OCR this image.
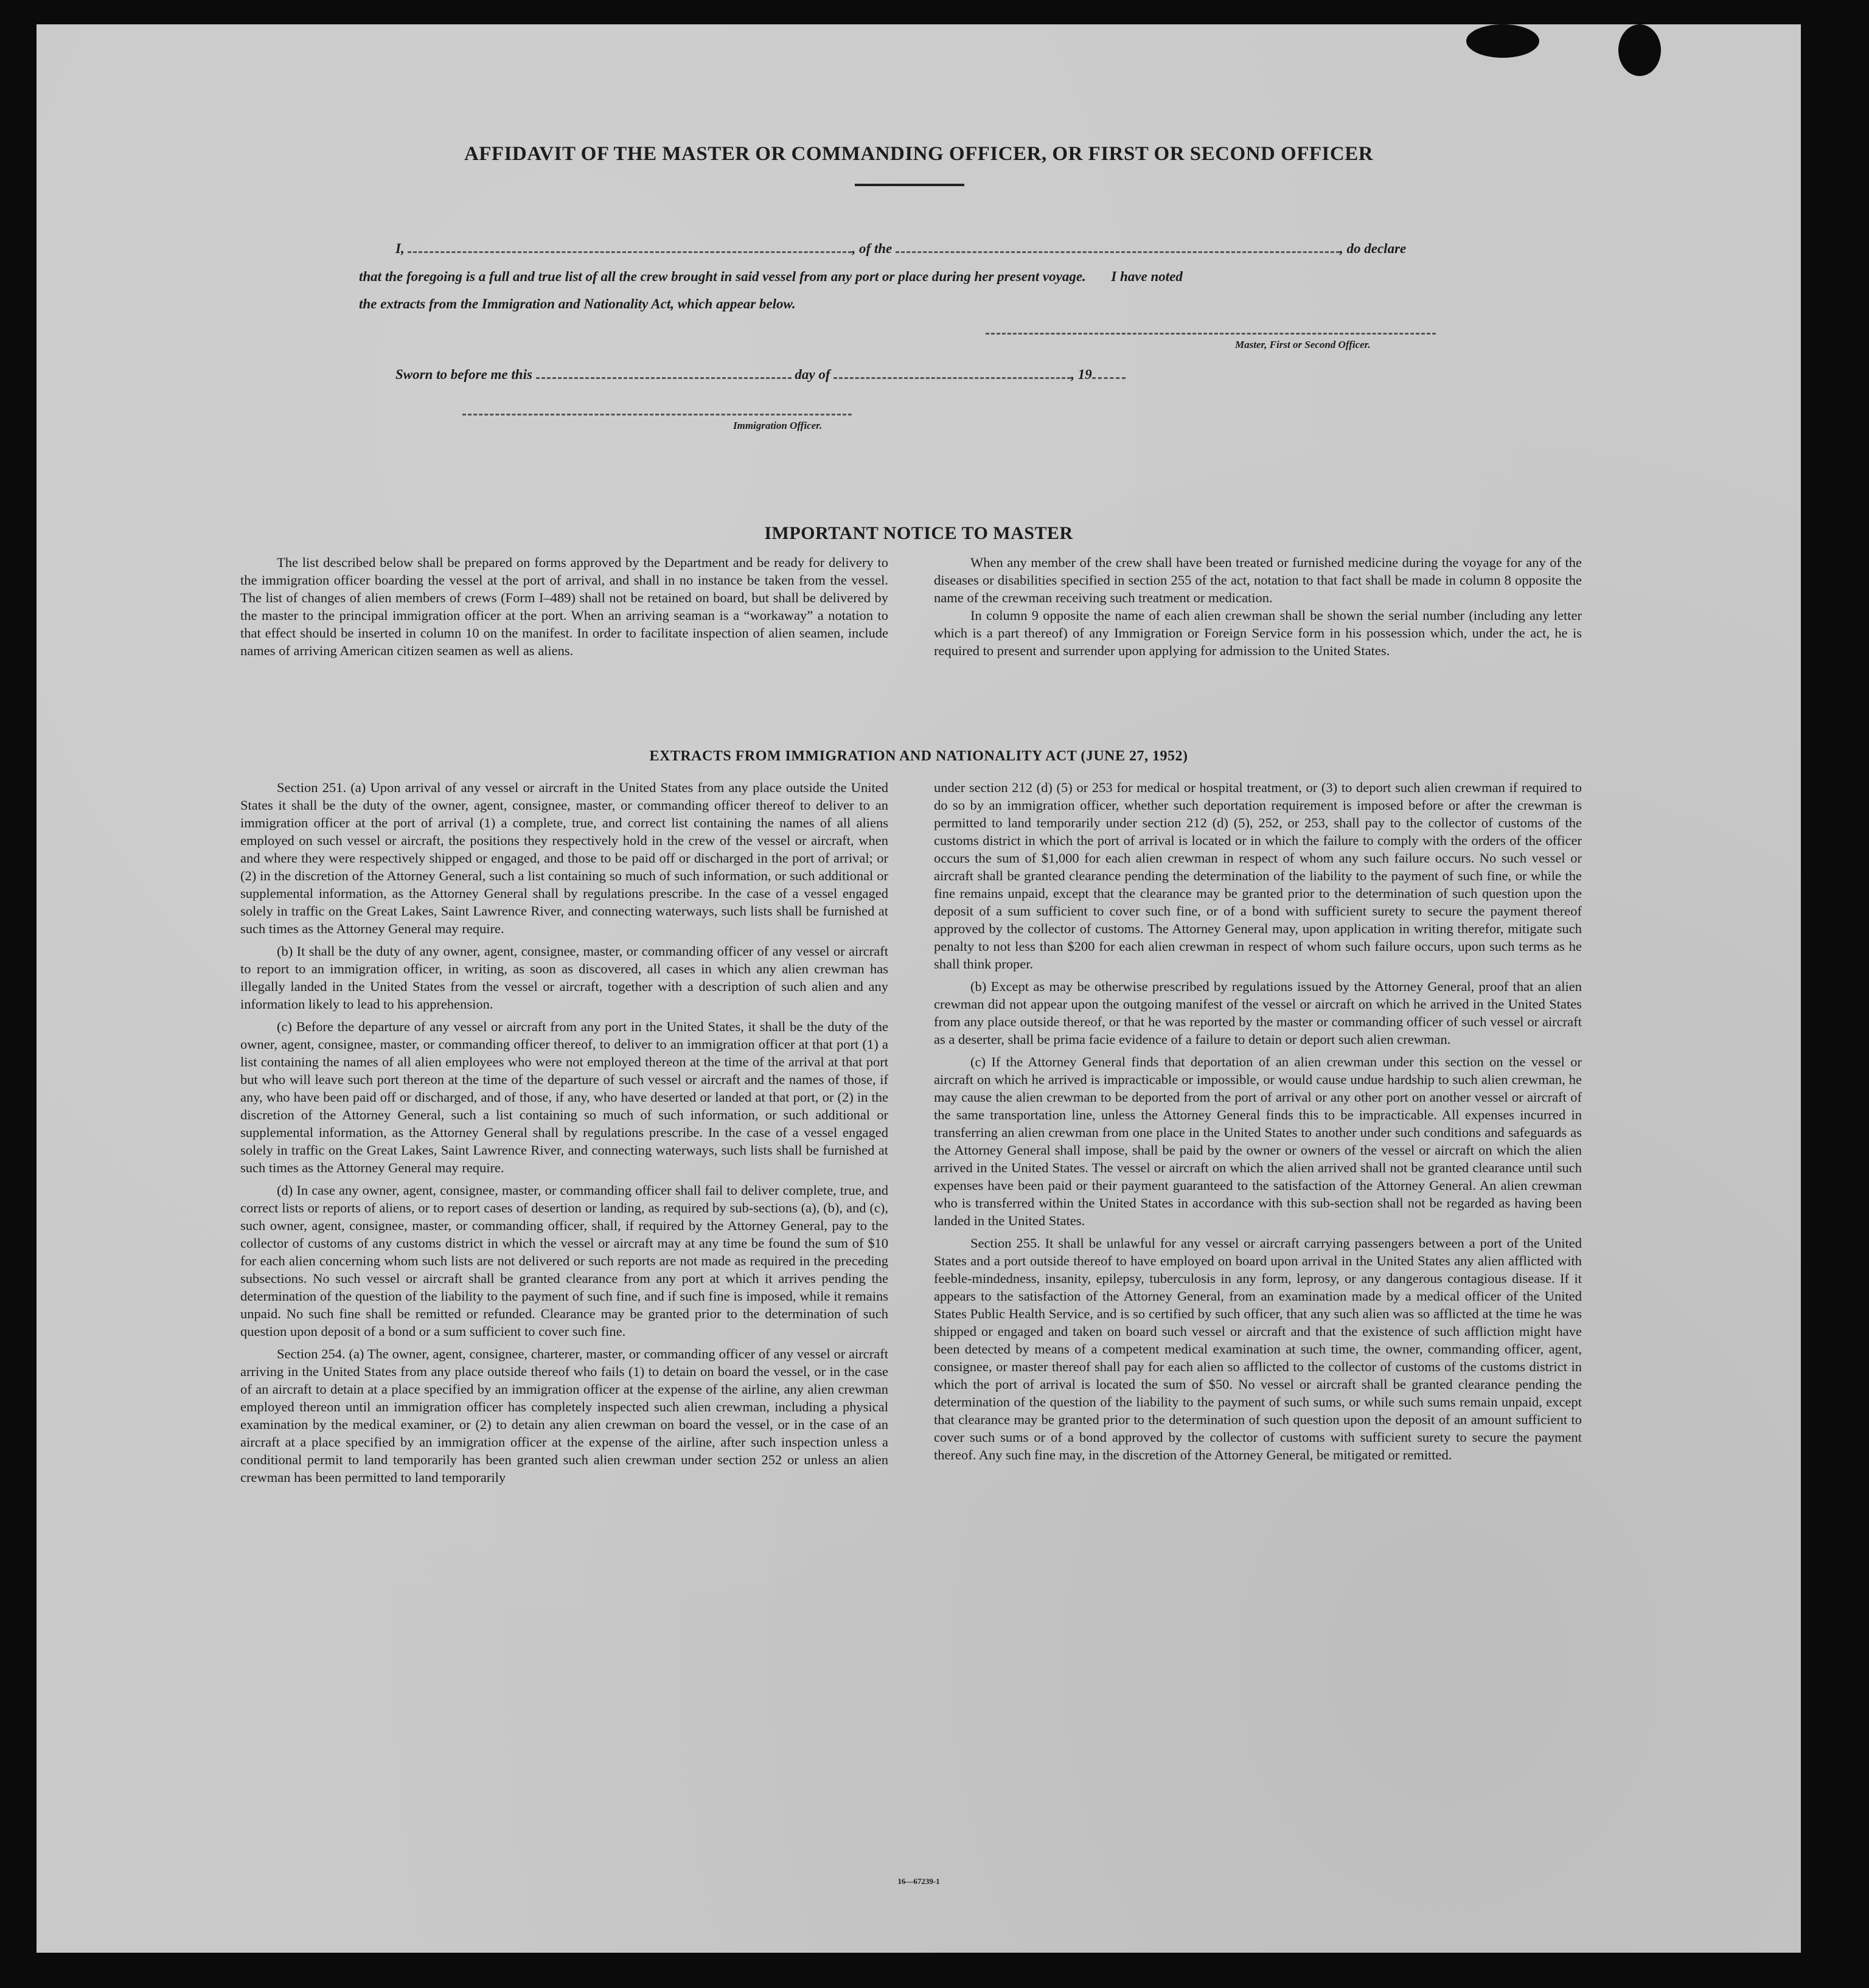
AFFIDAVIT OF THE MASTER OR COMMANDING OFFICER, OR FIRST OR SECOND OFFICER
I,	, of the	, do declare
that the foregoing is a full and true list of all the crew brought in said vessel from any port or place during her present voyage. I have noted
the extracts from the Immigration and Nationality Act, which appear below.
Master, First or Second Officer.
Sworn to before me this	day of	, 19
Immigration Officer.
IMPORTANT NOTICE TO MASTER

The list described below shall be prepared on forms approved by the Department and be ready for delivery to the immigration officer boarding the vessel at the port of arrival, and shall in no instance be taken from the vessel. The list of changes of alien members of crews (Form I–489) shall not be retained on board, but shall be delivered by the master to the principal immigration officer at the port. When an arriving seaman is a “workaway” a notation to that effect should be inserted in column 10 on the manifest. In order to facilitate inspection of alien seamen, include names of arriving American citizen seamen as well as aliens.

When any member of the crew shall have been treated or furnished medicine during the voyage for any of the diseases or disabilities specified in section 255 of the act, notation to that fact shall be made in column 8 opposite the name of the crewman receiving such treatment or medication.

In column 9 opposite the name of each alien crewman shall be shown the serial number (including any letter which is a part thereof) of any Immigration or Foreign Service form in his possession which, under the act, he is required to present and surrender upon applying for admission to the United States.

EXTRACTS FROM IMMIGRATION AND NATIONALITY ACT (JUNE 27, 1952)

Section 251. (a) Upon arrival of any vessel or aircraft in the United States from any place outside the United States it shall be the duty of the owner, agent, consignee, master, or commanding officer thereof to deliver to an immigration officer at the port of arrival (1) a complete, true, and correct list containing the names of all aliens employed on such vessel or aircraft, the positions they respectively hold in the crew of the vessel or aircraft, when and where they were respectively shipped or engaged, and those to be paid off or discharged in the port of arrival; or (2) in the discretion of the Attorney General, such a list containing so much of such information, or such additional or supplemental information, as the Attorney General shall by regulations prescribe. In the case of a vessel engaged solely in traffic on the Great Lakes, Saint Lawrence River, and connecting waterways, such lists shall be furnished at such times as the Attorney General may require.

(b) It shall be the duty of any owner, agent, consignee, master, or commanding officer of any vessel or aircraft to report to an immigration officer, in writing, as soon as discovered, all cases in which any alien crewman has illegally landed in the United States from the vessel or aircraft, together with a description of such alien and any information likely to lead to his apprehension.

(c) Before the departure of any vessel or aircraft from any port in the United States, it shall be the duty of the owner, agent, consignee, master, or commanding officer thereof, to deliver to an immigration officer at that port (1) a list containing the names of all alien employees who were not employed thereon at the time of the arrival at that port but who will leave such port thereon at the time of the departure of such vessel or aircraft and the names of those, if any, who have been paid off or discharged, and of those, if any, who have deserted or landed at that port, or (2) in the discretion of the Attorney General, such a list containing so much of such information, or such additional or supplemental information, as the Attorney General shall by regulations prescribe. In the case of a vessel engaged solely in traffic on the Great Lakes, Saint Lawrence River, and connecting waterways, such lists shall be furnished at such times as the Attorney General may require.

(d) In case any owner, agent, consignee, master, or commanding officer shall fail to deliver complete, true, and correct lists or reports of aliens, or to report cases of desertion or landing, as required by sub-sections (a), (b), and (c), such owner, agent, consignee, master, or commanding officer, shall, if required by the Attorney General, pay to the collector of customs of any customs district in which the vessel or aircraft may at any time be found the sum of $10 for each alien concerning whom such lists are not delivered or such reports are not made as required in the preceding subsections. No such vessel or aircraft shall be granted clearance from any port at which it arrives pending the determination of the question of the liability to the payment of such fine, and if such fine is imposed, while it remains unpaid. No such fine shall be remitted or refunded. Clearance may be granted prior to the determination of such question upon deposit of a bond or a sum sufficient to cover such fine.

Section 254. (a) The owner, agent, consignee, charterer, master, or commanding officer of any vessel or aircraft arriving in the United States from any place outside thereof who fails (1) to detain on board the vessel, or in the case of an aircraft to detain at a place specified by an immigration officer at the expense of the airline, any alien crewman employed thereon until an immigration officer has completely inspected such alien crewman, including a physical examination by the medical examiner, or (2) to detain any alien crewman on board the vessel, or in the case of an aircraft at a place specified by an immigration officer at the expense of the airline, after such inspection unless a conditional permit to land temporarily has been granted such alien crewman under section 252 or unless an alien crewman has been permitted to land temporarily

under section 212 (d) (5) or 253 for medical or hospital treatment, or (3) to deport such alien crewman if required to do so by an immigration officer, whether such deportation requirement is imposed before or after the crewman is permitted to land temporarily under section 212 (d) (5), 252, or 253, shall pay to the collector of customs of the customs district in which the port of arrival is located or in which the failure to comply with the orders of the officer occurs the sum of $1,000 for each alien crewman in respect of whom any such failure occurs. No such vessel or aircraft shall be granted clearance pending the determination of the liability to the payment of such fine, or while the fine remains unpaid, except that the clearance may be granted prior to the determination of such question upon the deposit of a sum sufficient to cover such fine, or of a bond with sufficient surety to secure the payment thereof approved by the collector of customs. The Attorney General may, upon application in writing therefor, mitigate such penalty to not less than $200 for each alien crewman in respect of whom such failure occurs, upon such terms as he shall think proper.

(b) Except as may be otherwise prescribed by regulations issued by the Attorney General, proof that an alien crewman did not appear upon the outgoing manifest of the vessel or aircraft on which he arrived in the United States from any place outside thereof, or that he was reported by the master or commanding officer of such vessel or aircraft as a deserter, shall be prima facie evidence of a failure to detain or deport such alien crewman.

(c) If the Attorney General finds that deportation of an alien crewman under this section on the vessel or aircraft on which he arrived is impracticable or impossible, or would cause undue hardship to such alien crewman, he may cause the alien crewman to be deported from the port of arrival or any other port on another vessel or aircraft of the same transportation line, unless the Attorney General finds this to be impracticable. All expenses incurred in transferring an alien crewman from one place in the United States to another under such conditions and safeguards as the Attorney General shall impose, shall be paid by the owner or owners of the vessel or aircraft on which the alien arrived in the United States. The vessel or aircraft on which the alien arrived shall not be granted clearance until such expenses have been paid or their payment guaranteed to the satisfaction of the Attorney General. An alien crewman who is transferred within the United States in accordance with this sub-section shall not be regarded as having been landed in the United States.

Section 255. It shall be unlawful for any vessel or aircraft carrying passengers between a port of the United States and a port outside thereof to have employed on board upon arrival in the United States any alien afflicted with feeble-mindedness, insanity, epilepsy, tuberculosis in any form, leprosy, or any dangerous contagious disease. If it appears to the satisfaction of the Attorney General, from an examination made by a medical officer of the United States Public Health Service, and is so certified by such officer, that any such alien was so afflicted at the time he was shipped or engaged and taken on board such vessel or aircraft and that the existence of such affliction might have been detected by means of a competent medical examination at such time, the owner, commanding officer, agent, consignee, or master thereof shall pay for each alien so afflicted to the collector of customs of the customs district in which the port of arrival is located the sum of $50. No vessel or aircraft shall be granted clearance pending the determination of the question of the liability to the payment of such sums, or while such sums remain unpaid, except that clearance may be granted prior to the determination of such question upon the deposit of an amount sufficient to cover such sums or of a bond approved by the collector of customs with sufficient surety to secure the payment thereof. Any such fine may, in the discretion of the Attorney General, be mitigated or remitted.

16—67239-1
